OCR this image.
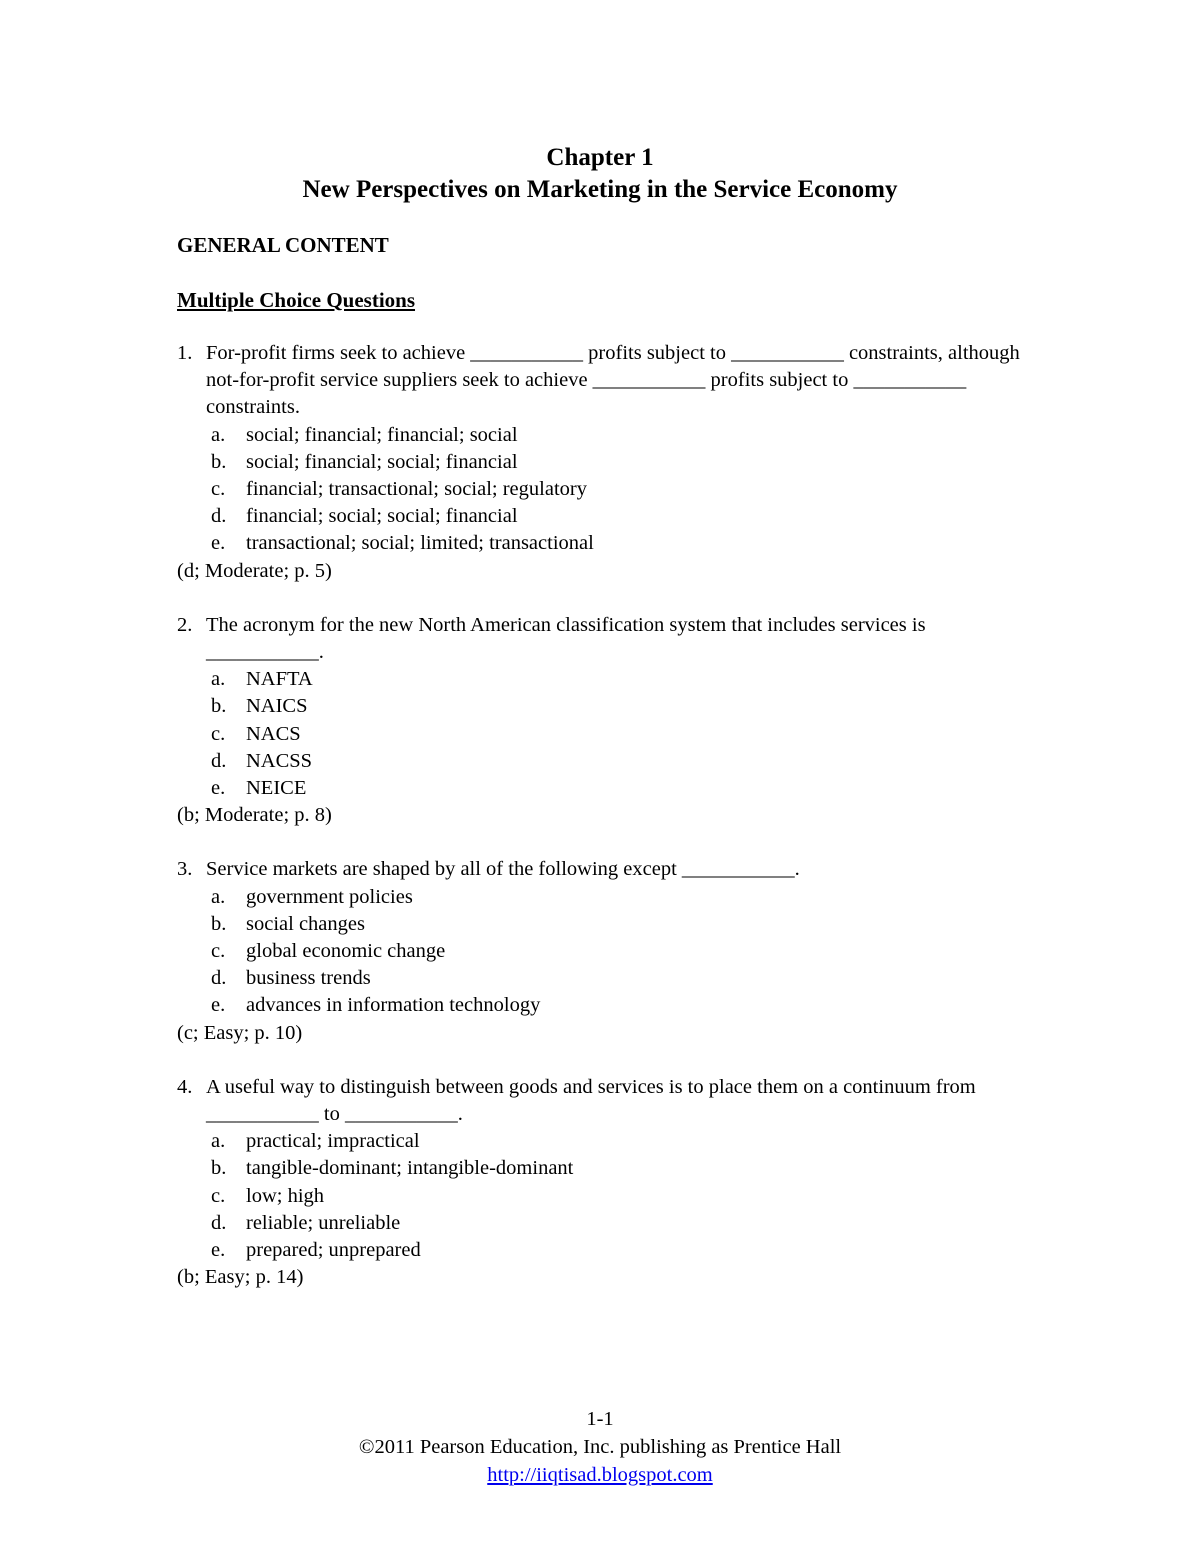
Chapter 1
New Perspectives on Marketing in the Service Economy
GENERAL CONTENT
Multiple Choice Questions
1. For-profit firms seek to achieve ___________ profits subject to ___________ constraints, although not-for-profit service suppliers seek to achieve ___________ profits subject to ___________ constraints.
a.	social; financial; financial; social
b. social; financial; social; financial
c.	financial; transactional; social; regulatory
d. financial; social; social; financial
e.	transactional; social; limited; transactional

(d; Moderate; p. 5)

2. The acronym for the new North American classification system that includes services is ___________.
a.	NAFTA
b. NAICS
c.	NACS
d. NACSS
e.	NEICE

(b; Moderate; p. 8)

3. Service markets are shaped by all of the following except ___________.
a.	government policies
b. social changes
c.	global economic change
d. business trends
e.	advances in information technology

(c; Easy; p. 10)

4. A useful way to distinguish between goods and services is to place them on a continuum from ___________ to ___________.
a.	practical; impractical
b. tangible-dominant; intangible-dominant
c.	low; high
d. reliable; unreliable
e.	prepared; unprepared

(b; Easy; p. 14)

1-1
©2011 Pearson Education, Inc. publishing as Prentice Hall
http://iiqtisad.blogspot.com
